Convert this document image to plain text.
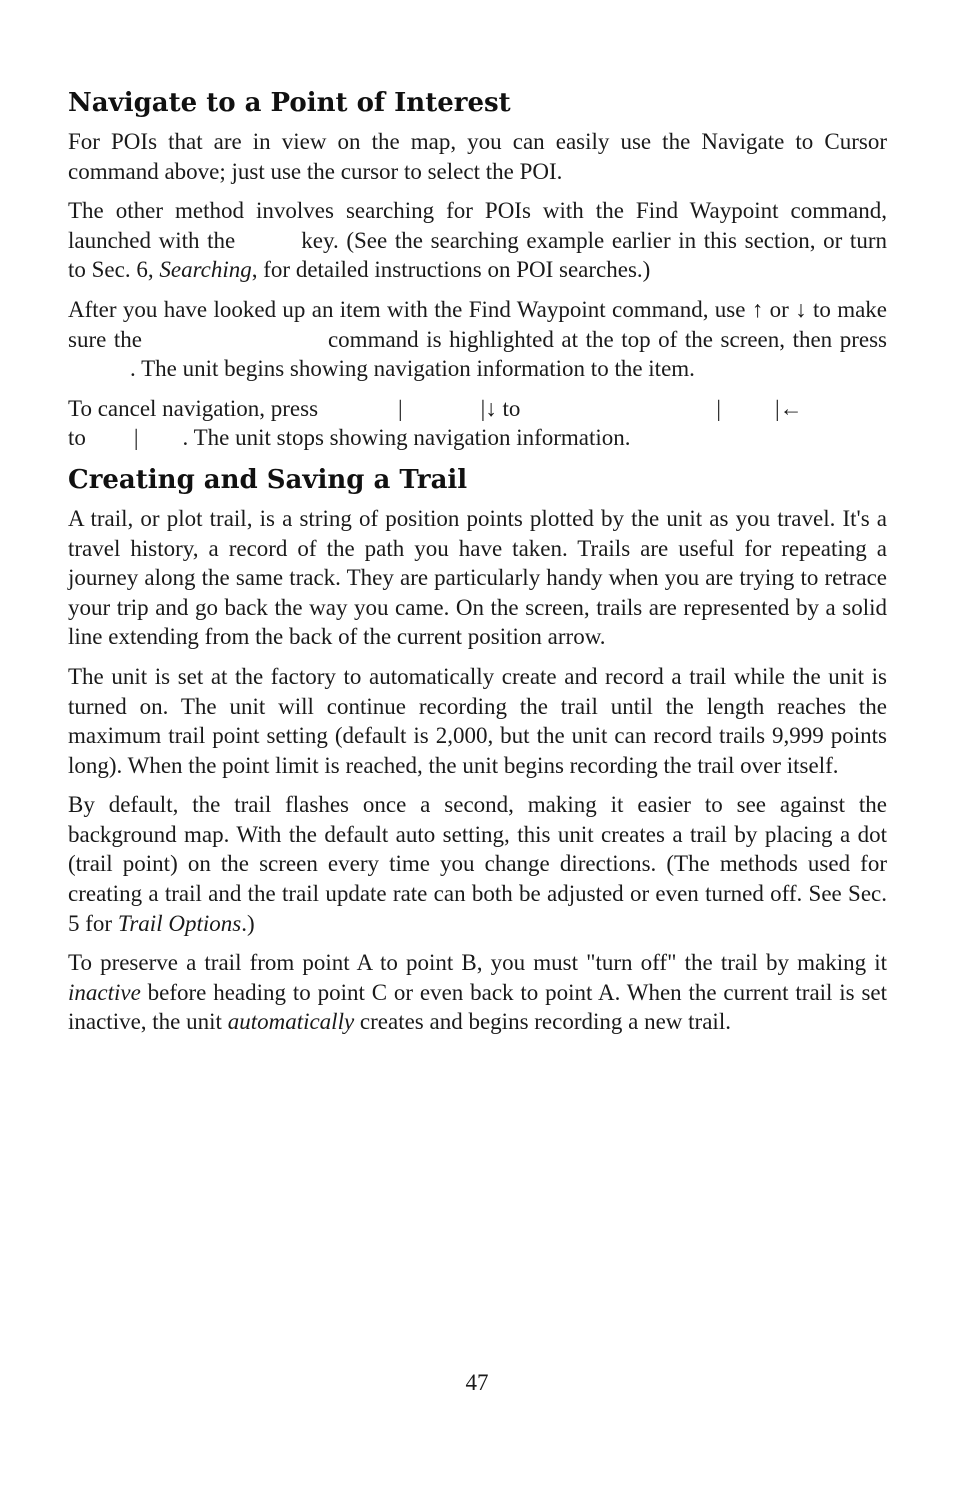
Navigate to a Point of Interest

For POIs that are in view on the map, you can easily use the Navigate to Cursor command above; just use the cursor to select the POI.

The other method involves searching for POIs with the Find Waypoint command, launched with the	key. (See the searching example earlier in this section, or turn to Sec. 6, Searching, for detailed instructions on POI searches.)

After you have looked up an item with the Find Waypoint command, use ↑ or ↓ to make sure the	command is highlighted at the top of the screen, then press. The unit begins showing navigation information to the item.

To cancel navigation, press	|	|↓ to	| |←
to | . The unit stops showing navigation information.

Creating and Saving a Trail

A trail, or plot trail, is a string of position points plotted by the unit as you travel. It's a travel history, a record of the path you have taken. Trails are useful for repeating a journey along the same track. They are particularly handy when you are trying to retrace your trip and go back the way you came. On the screen, trails are represented by a solid line extending from the back of the current position arrow.

The unit is set at the factory to automatically create and record a trail while the unit is turned on. The unit will continue recording the trail until the length reaches the maximum trail point setting (default is 2,000, but the unit can record trails 9,999 points long). When the point limit is reached, the unit begins recording the trail over itself.

By default, the trail flashes once a second, making it easier to see against the background map. With the default auto setting, this unit creates a trail by placing a dot (trail point) on the screen every time you change directions. (The methods used for creating a trail and the trail update rate can both be adjusted or even turned off. See Sec. 5 for Trail Options.)

To preserve a trail from point A to point B, you must "turn off" the trail by making it inactive before heading to point C or even back to point A. When the current trail is set inactive, the unit automatically creates and begins recording a new trail.

47
